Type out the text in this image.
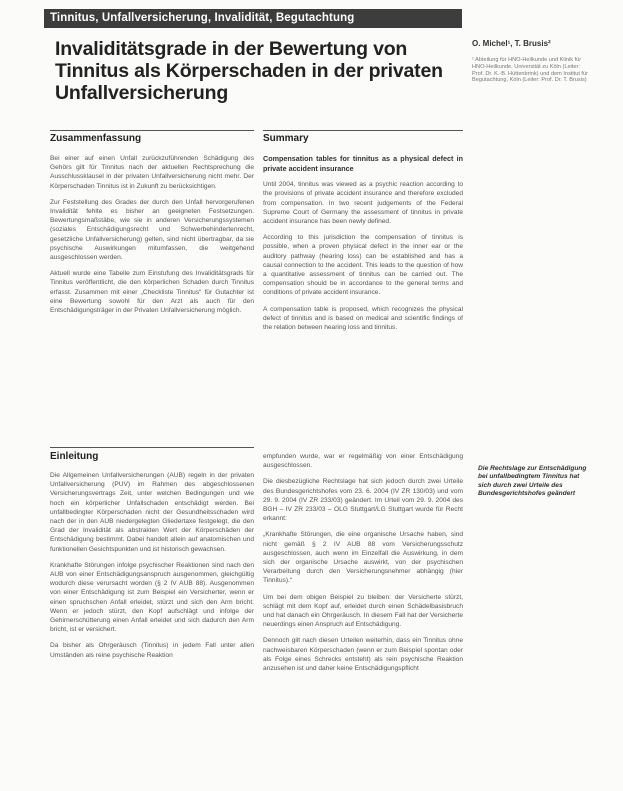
Tinnitus, Unfallversicherung, Invalidität, Begutachtung
Invaliditätsgrade in der Bewertung von Tinnitus als Körperschaden in der privaten Unfallversicherung
O. Michel¹, T. Brusis²
¹ Abteilung für HNO-Heilkunde und Klinik für HNO-Heilkunde, Universität zu Köln (Leiter: Prof. Dr. K.-B. Hüttenbrink) und dem Institut für Begutachtung, Köln (Leiter: Prof. Dr. T. Brusis)
Zusammenfassung

Bei einer auf einen Unfall zurückzuführenden Schädigung des Gehörs gilt für Tinnitus nach der aktuellen Rechtsprechung die Ausschlussklausel in der privaten Unfallversicherung nicht mehr. Der Körperschaden Tinnitus ist in Zukunft zu berücksichtigen.

Zur Feststellung des Grades der durch den Unfall hervorgerufenen Invalidität fehlte es bisher an geeigneten Festsetzungen. Bewertungsmaßstäbe, wie sie in anderen Versicherungssystemen (soziales Entschädigungsrecht und Schwerbehindertenrecht, gesetzliche Unfallversicherung) gelten, sind nicht übertragbar, da sie psychische Auswirkungen mitumfassen, die weitgehend ausgeschlossen werden.

Aktuell wurde eine Tabelle zum Einstufung des Invaliditätsgrads für Tinnitus veröffentlicht, die den körperlichen Schaden durch Tinnitus erfasst. Zusammen mit einer „Checkliste Tinnitus“ für Gutachter ist eine Bewertung sowohl für den Arzt als auch für den Entschädigungsträger in der Privaten Unfallversicherung möglich.

Summary

Compensation tables for tinnitus as a physical defect in private accident insurance

Until 2004, tinnitus was viewed as a psychic reaction according to the provisions of private accident insurance and therefore excluded from compensation. In two recent judgements of the Federal Supreme Court of Germany the assessment of tinnitus in private accident insurance has been newly defined.

According to this jurisdiction the compensation of tinnitus is possible, when a proven physical defect in the inner ear or the auditory pathway (hearing loss) can be established and has a causal connection to the accident. This leads to the question of how a quantitative assessment of tinnitus can be carried out. The compensation should be in accordance to the general terms and conditions of private accident insurance.

A compensation table is proposed, which recognizes the physical defect of tinnitus and is based on medical and scientific findings of the relation between hearing loss and tinnitus.

Einleitung

Die Allgemeinen Unfallversicherungen (AUB) regeln in der privaten Unfallversicherung (PUV) im Rahmen des abgeschlossenen Versicherungsvertrags Zeit, unter welchen Bedingungen und wie hoch ein körperlicher Unfallschaden entschädigt werden. Bei unfallbedingter Körperschaden nicht der Gesundheitsschaden wird nach der in den AUB niedergelegten Gliedertaxe festgelegt, die den Grad der Invalidität als abstrakten Wert der Körperschäden der Entschädigung bestimmt. Dabei handelt allein auf anatomischen und funktionellen Gesichtspunkten und ist historisch gewachsen.

Krankhafte Störungen infolge psychischer Reaktionen sind nach den AUB von einer Entschädigungsanspruch ausgenommen, gleichgültig wodurch diese verursacht worden (§ 2 IV AUB 88). Ausgenommen von einer Entschädigung ist zum Beispiel ein Versicherter, wenn er einen spruchschen Anfall erleidet, stürzt und sich den Arm bricht. Wenn er jedoch stürzt, den Kopf aufschlägt und infolge der Gehirnerschütterung einen Anfall erleidet und sich dadurch den Arm bricht, ist er versichert.

Da bisher als Ohrgeräusch (Tinnitus) in jedem Fall unter allen Umständen als reine psychische Reaktion

empfunden wurde, war er regelmäßig von einer Entschädigung ausgeschlossen.

Die diesbezügliche Rechtslage hat sich jedoch durch zwei Urteile des Bundesgerichtshofes vom 23. 6. 2004 (IV ZR 130/03) und vom 29. 9. 2004 (IV ZR 233/03) geändert. Im Urteil vom 29. 9. 2004 des BGH – IV ZR 233/03 – OLG Stuttgart/LG Stuttgart wurde für Recht erkannt:

„Krankhafte Störungen, die eine organische Ursache haben, sind nicht gemäß § 2 IV AUB 88 vom Versicherungsschutz ausgeschlossen, auch wenn im Einzelfall die Auswirkung, in dem sich der organische Ursache auswirkt, von der psychischen Verarbeitung durch den Versicherungsnehmer abhängig (hier Tinnitus).“

Um bei dem obigen Beispiel zu bleiben: der Versicherte stürzt, schlägt mit dem Kopf auf, erleidet durch einen Schädelbasisbruch und hat danach ein Ohrgeräusch. In diesem Fall hat der Versicherte neuerdings einen Anspruch auf Entschädigung.

Dennoch gilt nach diesen Urteilen weiterhin, dass ein Tinnitus ohne nachweisbaren Körperschaden (wenn er zum Beispiel spontan oder als Folge eines Schrecks entsteht) als rein psychische Reaktion anzusehen ist und daher keine Entschädigungspflicht

Die Rechtslage zur Entschädigung bei unfallbedingtem Tinnitus hat sich durch zwei Urteile des Bundesgerichtshofes geändert
